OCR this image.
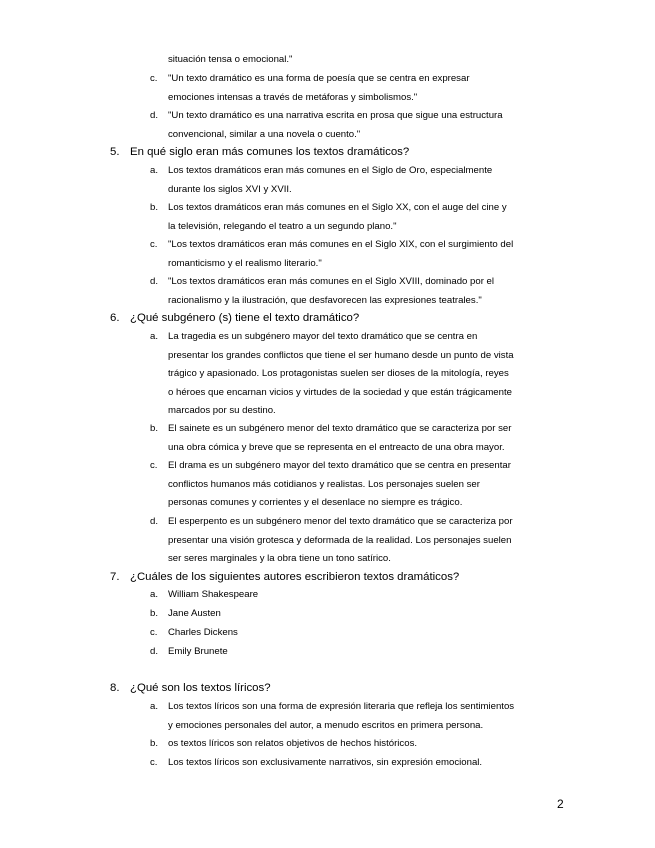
situación tensa o emocional."
c.	"Un texto dramático es una forma de poesía que se centra en expresar
emociones intensas a través de metáforas y simbolismos."
d.	"Un texto dramático es una narrativa escrita en prosa que sigue una estructura
convencional, similar a una novela o cuento."
5. En qué siglo eran más comunes los textos dramáticos?
a.	Los textos dramáticos eran más comunes en el Siglo de Oro, especialmente
durante los siglos XVI y XVII.
b.	Los textos dramáticos eran más comunes en el Siglo XX, con el auge del cine y
la televisión, relegando el teatro a un segundo plano."
c.	"Los textos dramáticos eran más comunes en el Siglo XIX, con el surgimiento del
romanticismo y el realismo literario."
d.	"Los textos dramáticos eran más comunes en el Siglo XVIII, dominado por el
racionalismo y la ilustración, que desfavorecen las expresiones teatrales."
6. ¿Qué subgénero (s) tiene el texto dramático?
a.	La tragedia es un subgénero mayor del texto dramático que se centra en
presentar los grandes conflictos que tiene el ser humano desde un punto de vista
trágico y apasionado. Los protagonistas suelen ser dioses de la mitología, reyes
o héroes que encarnan vicios y virtudes de la sociedad y que están trágicamente
marcados por su destino.
b.	El sainete es un subgénero menor del texto dramático que se caracteriza por ser
una obra cómica y breve que se representa en el entreacto de una obra mayor.
c.	El drama es un subgénero mayor del texto dramático que se centra en presentar
conflictos humanos más cotidianos y realistas. Los personajes suelen ser
personas comunes y corrientes y el desenlace no siempre es trágico.
d.	El esperpento es un subgénero menor del texto dramático que se caracteriza por
presentar una visión grotesca y deformada de la realidad. Los personajes suelen
ser seres marginales y la obra tiene un tono satírico.
7. ¿Cuáles de los siguientes autores escribieron textos dramáticos?
a.	William Shakespeare
b.	Jane Austen
c.	Charles Dickens
d.	Emily Brunete
8. ¿Qué son los textos líricos?
a.	Los textos líricos son una forma de expresión literaria que refleja los sentimientos
y emociones personales del autor, a menudo escritos en primera persona.
b.	os textos líricos son relatos objetivos de hechos históricos.
c.	Los textos líricos son exclusivamente narrativos, sin expresión emocional.
2
